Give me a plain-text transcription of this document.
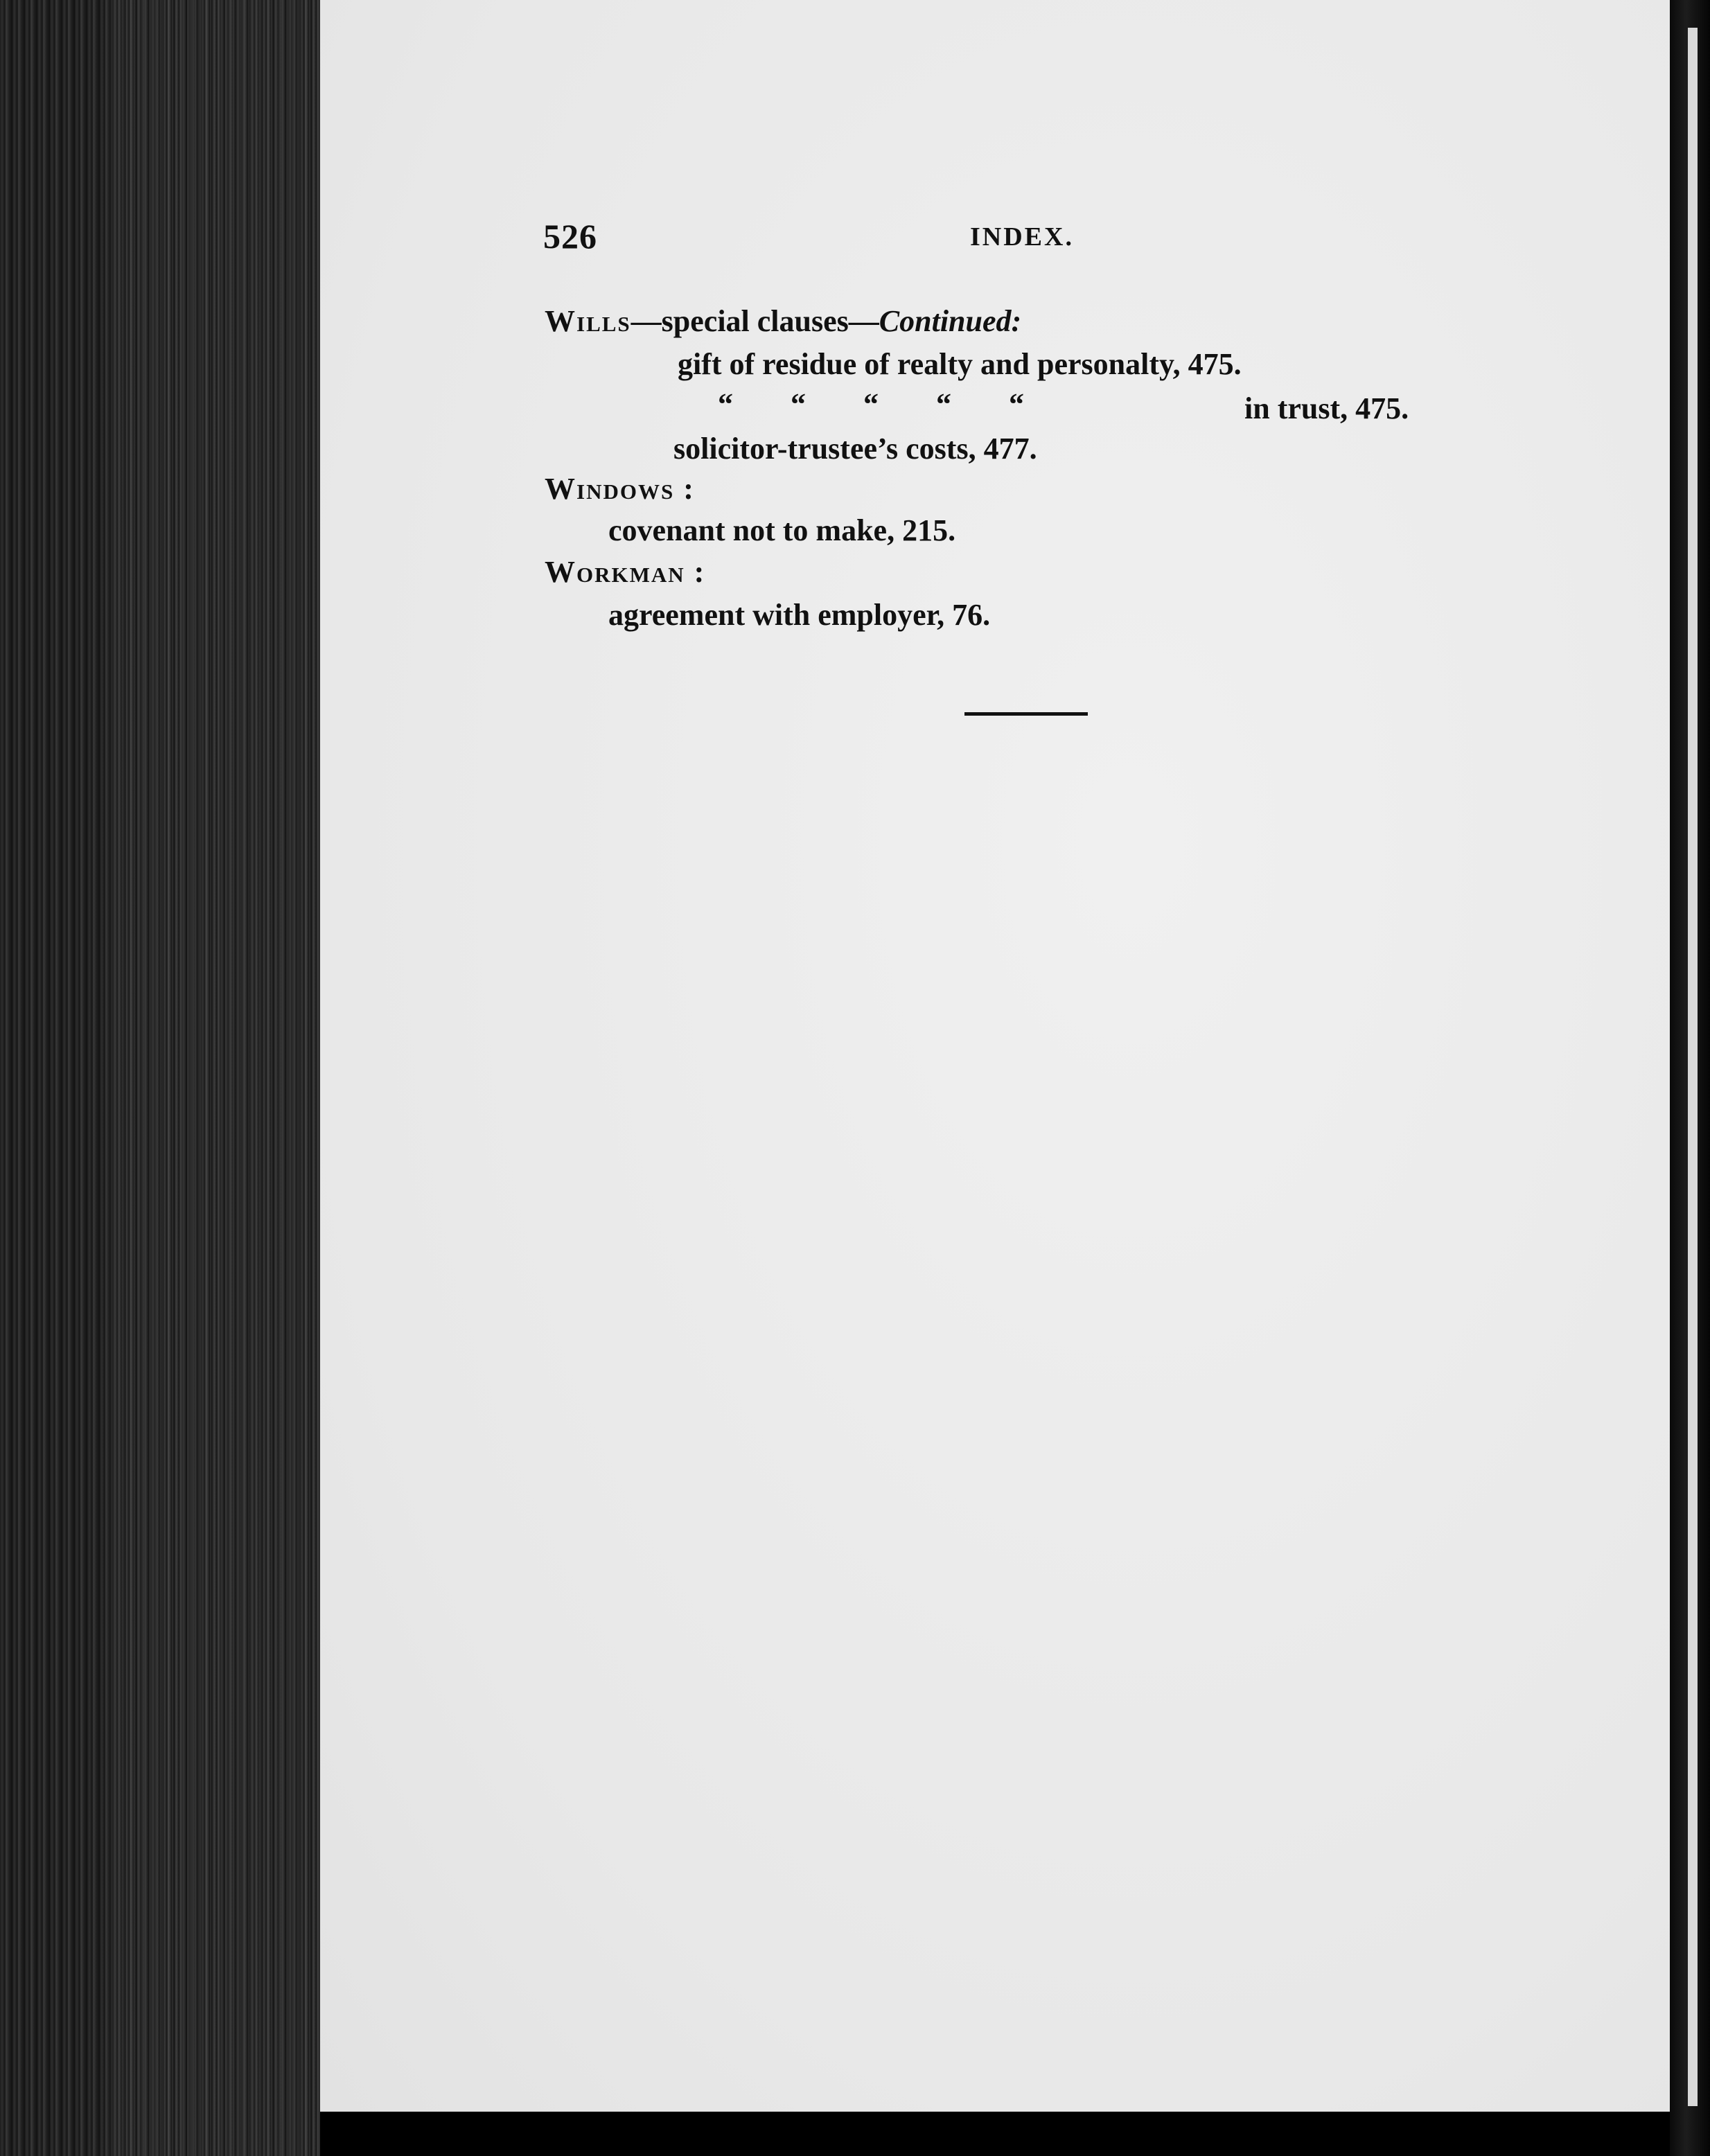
526	INDEX.
Wills—special clauses—Continued:
gift of residue of realty and personalty, 475.
“ “ “ “ “	in trust, 475.
solicitor-trustee’s costs, 477.
Windows :
covenant not to make, 215.
Workman :
agreement with employer, 76.
